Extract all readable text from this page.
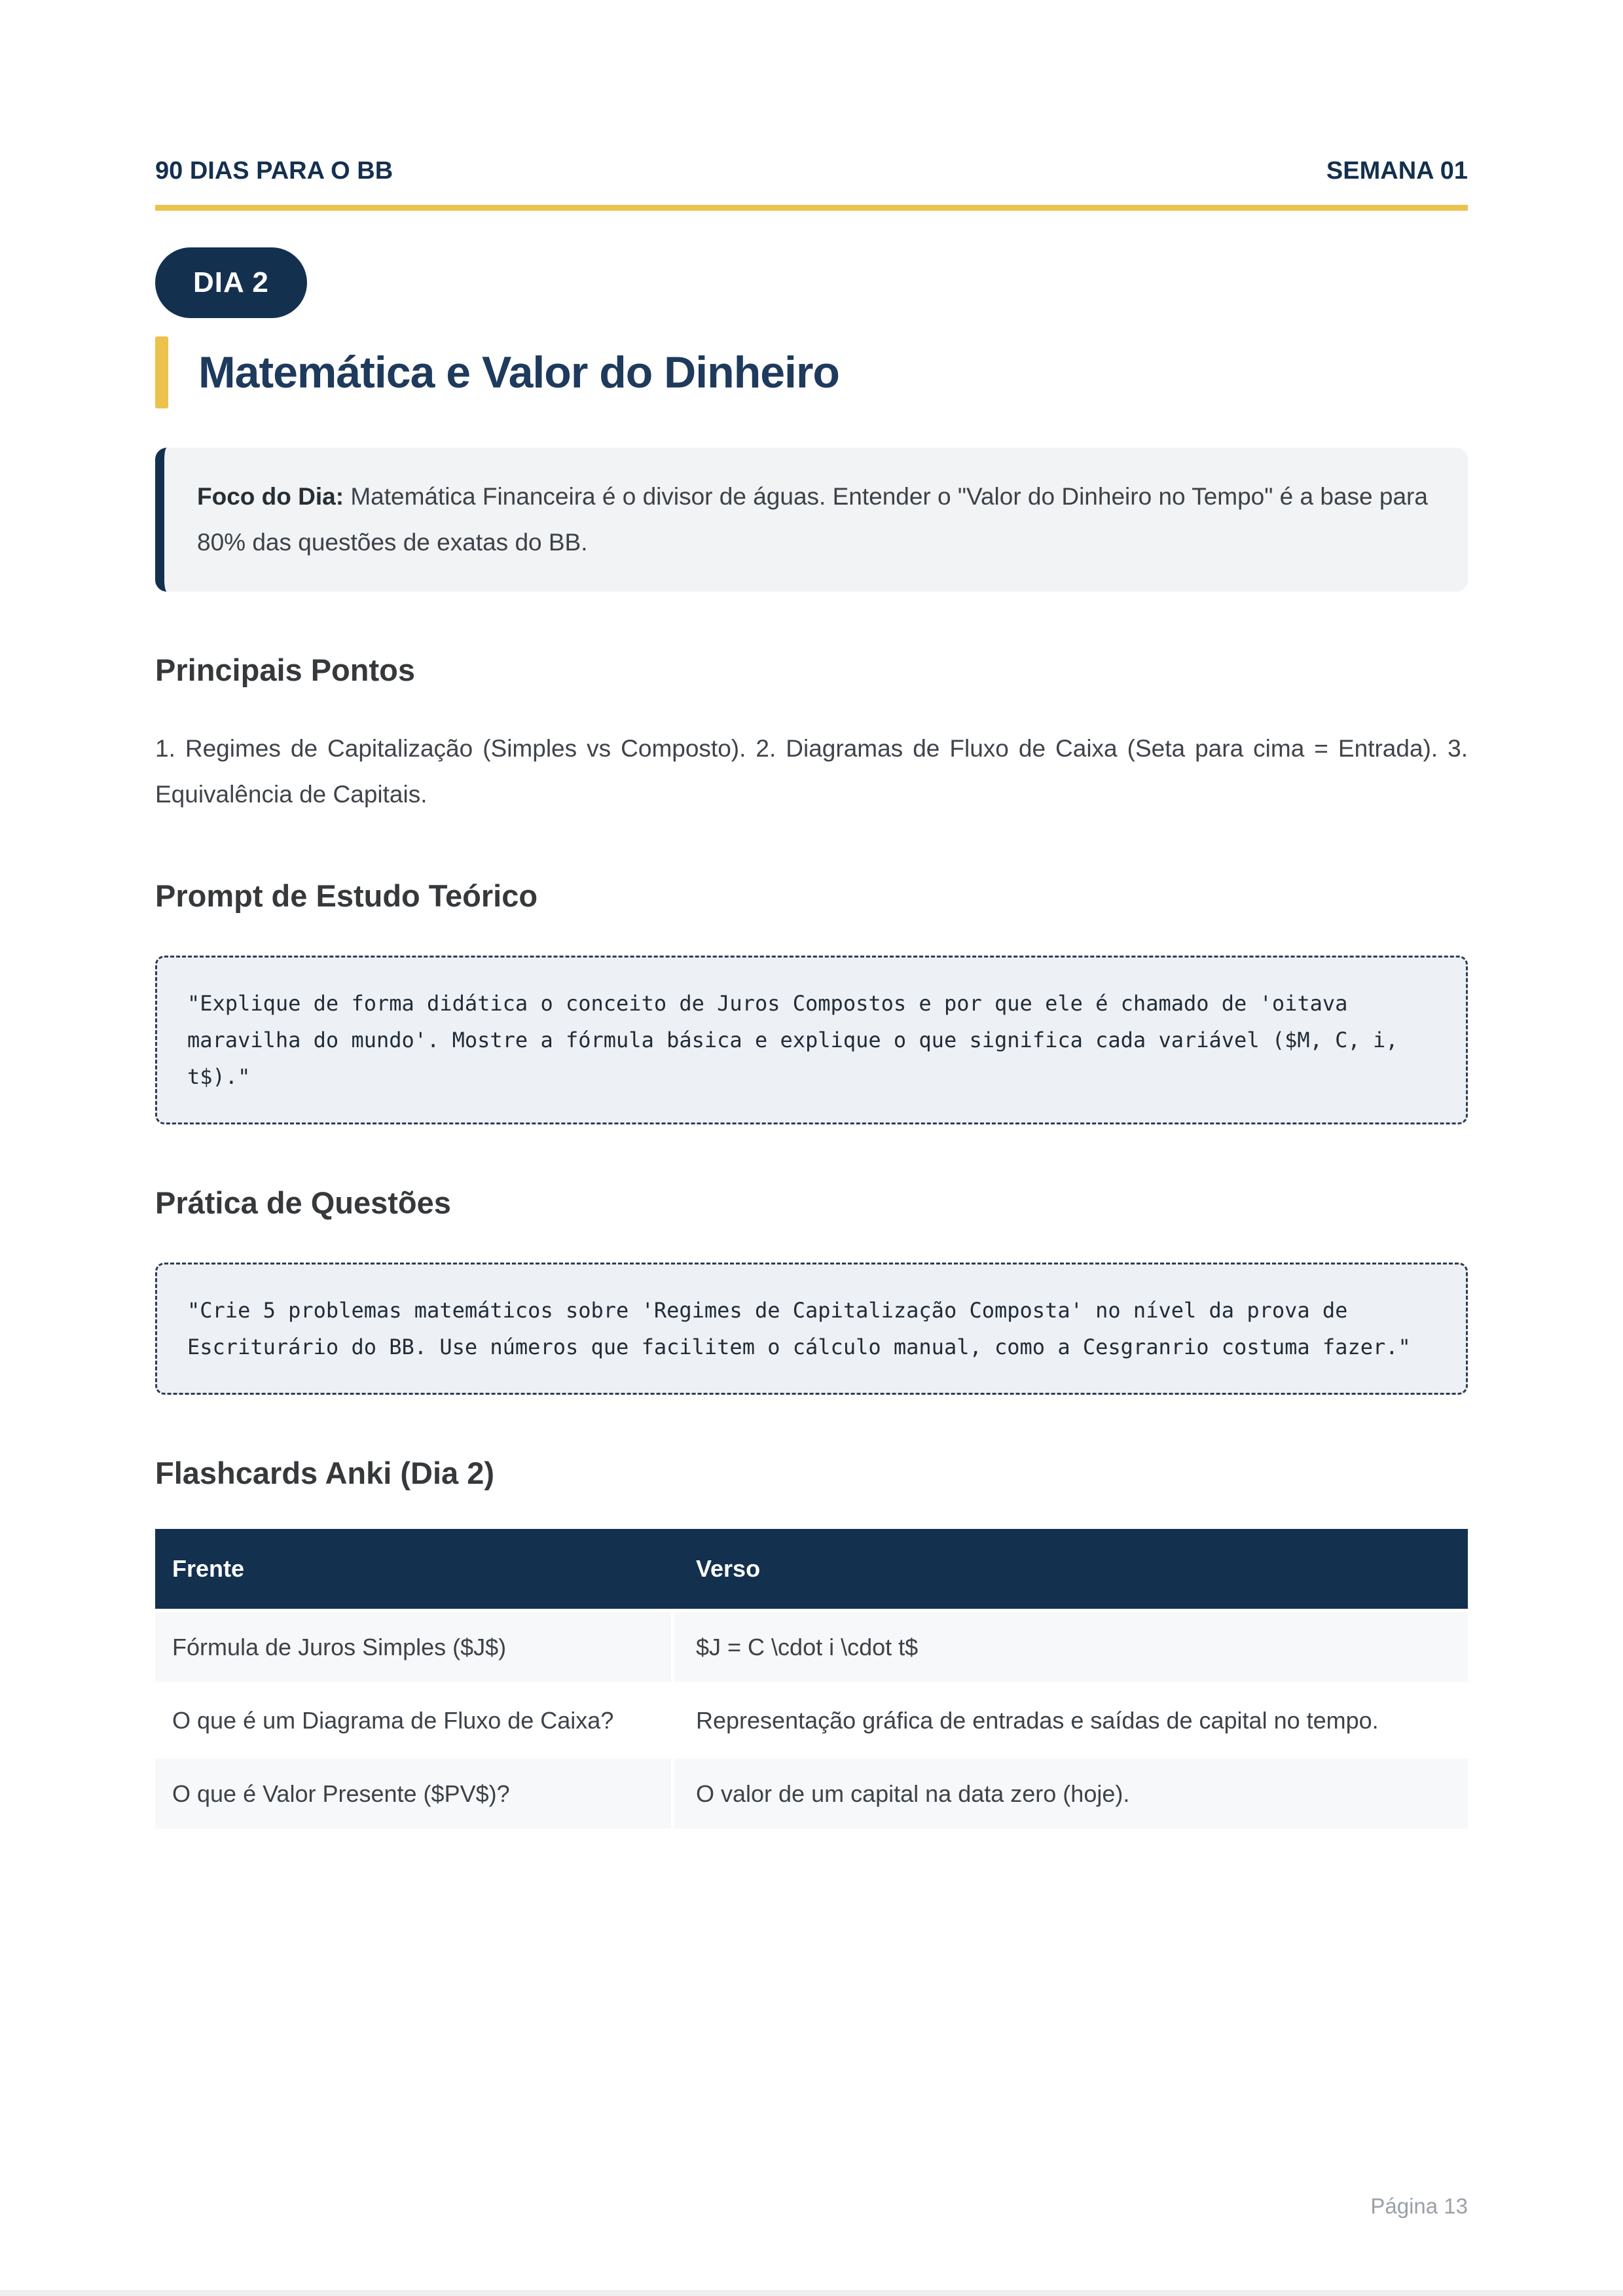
90 DIAS PARA O BB	SEMANA 01
DIA 2
Matemática e Valor do Dinheiro
Foco do Dia: Matemática Financeira é o divisor de águas. Entender o "Valor do Dinheiro no Tempo" é a base para 80% das questões de exatas do BB.
Principais Pontos

1. Regimes de Capitalização (Simples vs Composto). 2. Diagramas de Fluxo de Caixa (Seta para cima = Entrada). 3. Equivalência de Capitais.

Prompt de Estudo Teórico
"Explique de forma didática o conceito de Juros Compostos e por que ele é chamado de 'oitava maravilha do mundo'. Mostre a fórmula básica e explique o que significa cada variável ($M, C, i, t$)."
Prática de Questões
"Crie 5 problemas matemáticos sobre 'Regimes de Capitalização Composta' no nível da prova de Escriturário do BB. Use números que facilitem o cálculo manual, como a Cesgranrio costuma fazer."
Flashcards Anki (Dia 2)
Frente	Verso
Fórmula de Juros Simples ($J$)	$J = C \cdot i \cdot t$
O que é um Diagrama de Fluxo de Caixa?	Representação gráfica de entradas e saídas de capital no tempo.
O que é Valor Presente ($PV$)?	O valor de um capital na data zero (hoje).
Página 13
